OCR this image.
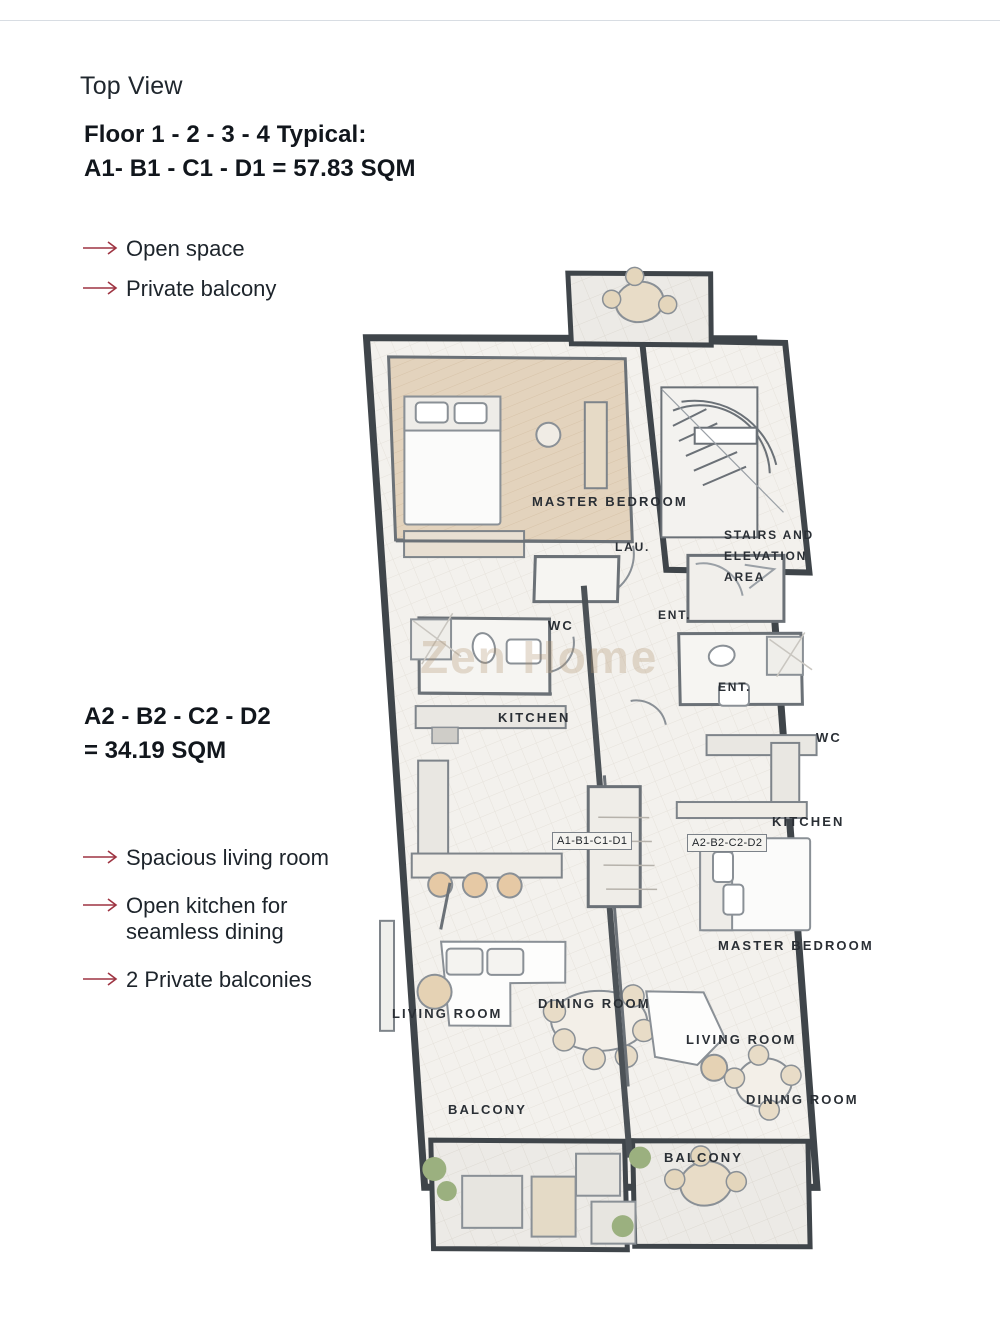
Top View
Floor 1 - 2 - 3 - 4 Typical:
A1- B1 - C1 - D1 = 57.83 SQM
Open space
Private balcony
A2 - B2 - C2 - D2
= 34.19 SQM
Spacious living room
Open kitchen for seamless dining
2 Private balconies
Zen Home
MASTER BEDROOM
LAU.
WC
ENT.
STAIRS AND
ELEVATION
AREA
ENT.
WC
KITCHEN
KITCHEN
MASTER BEDROOM
LIVING ROOM
DINING ROOM
LIVING ROOM
DINING ROOM
BALCONY
BALCONY
A1-B1-C1-D1	A2-B2-C2-D2
